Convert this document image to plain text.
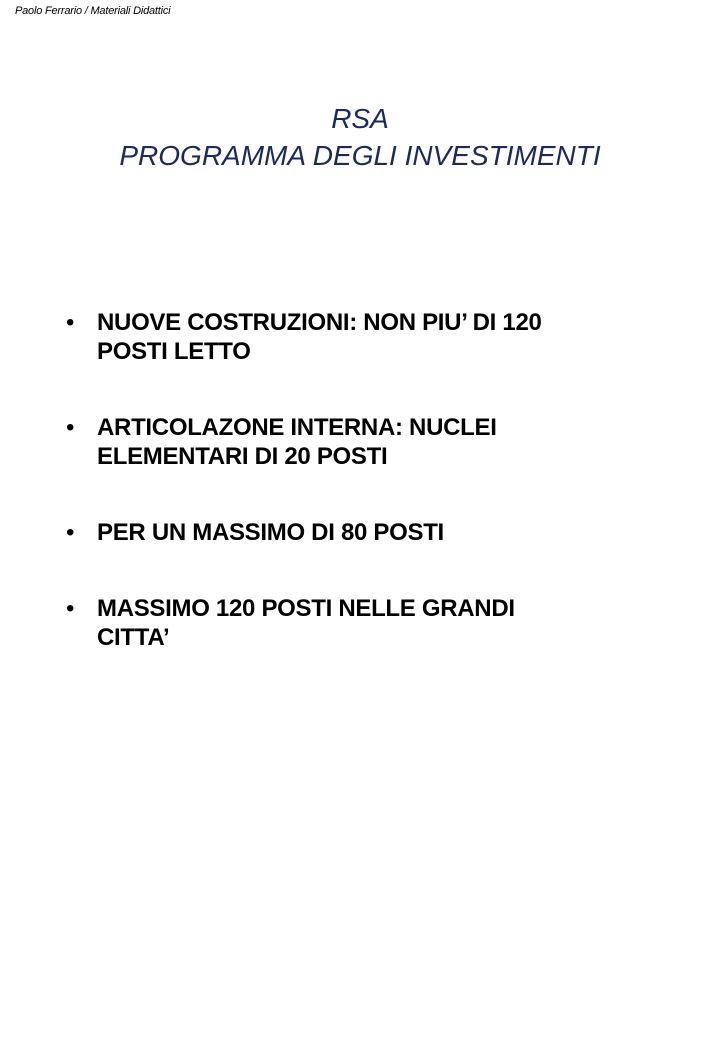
Paolo Ferrario / Materiali Didattici
RSA
PROGRAMMA DEGLI INVESTIMENTI
• NUOVE COSTRUZIONI: NON PIU’ DI 120
POSTI LETTO
• ARTICOLAZONE INTERNA: NUCLEI
ELEMENTARI DI 20 POSTI
• PER UN MASSIMO DI 80 POSTI
• MASSIMO 120 POSTI NELLE GRANDI
CITTA’
